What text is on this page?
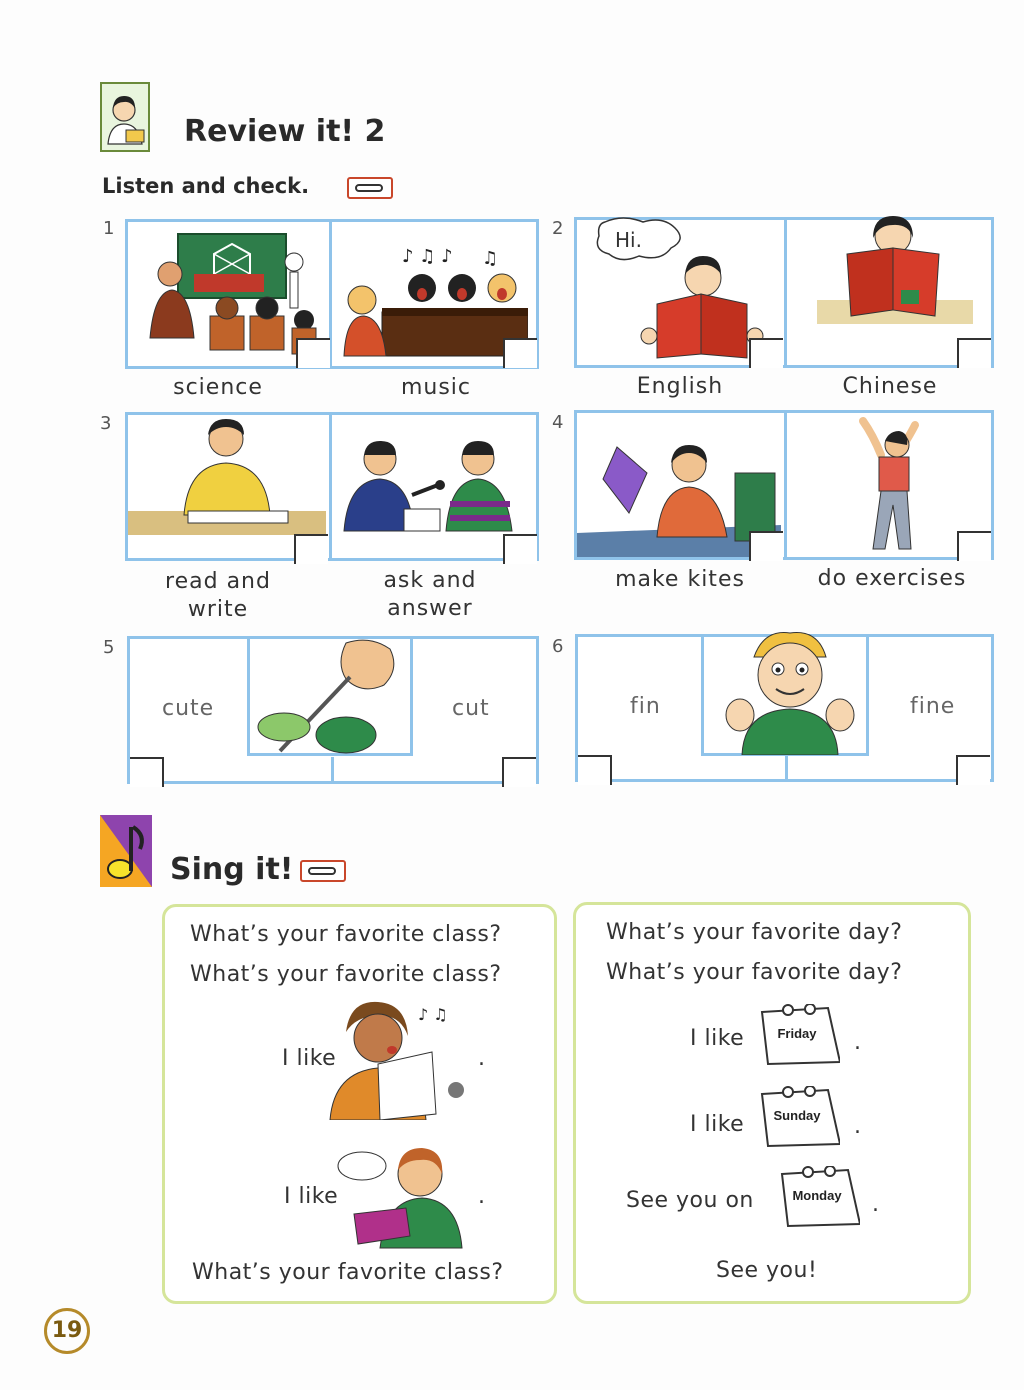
Review it! 2
Listen and check.
1
♪ ♫ ♪ ♫
science	music
2	Hi.
English	Chinese
3
read and
write
ask and
answer
4
make kites	do exercises
5
cute	cut
6
fin	fine
Sing it!
What’s your favorite class?
What’s your favorite class?
I like	.
♪ ♫
I like	.
What’s your favorite class?
What’s your favorite day?
What’s your favorite day?
I like	Friday	.
I like	Sunday	.
See you on	Monday	.
See you!
19
